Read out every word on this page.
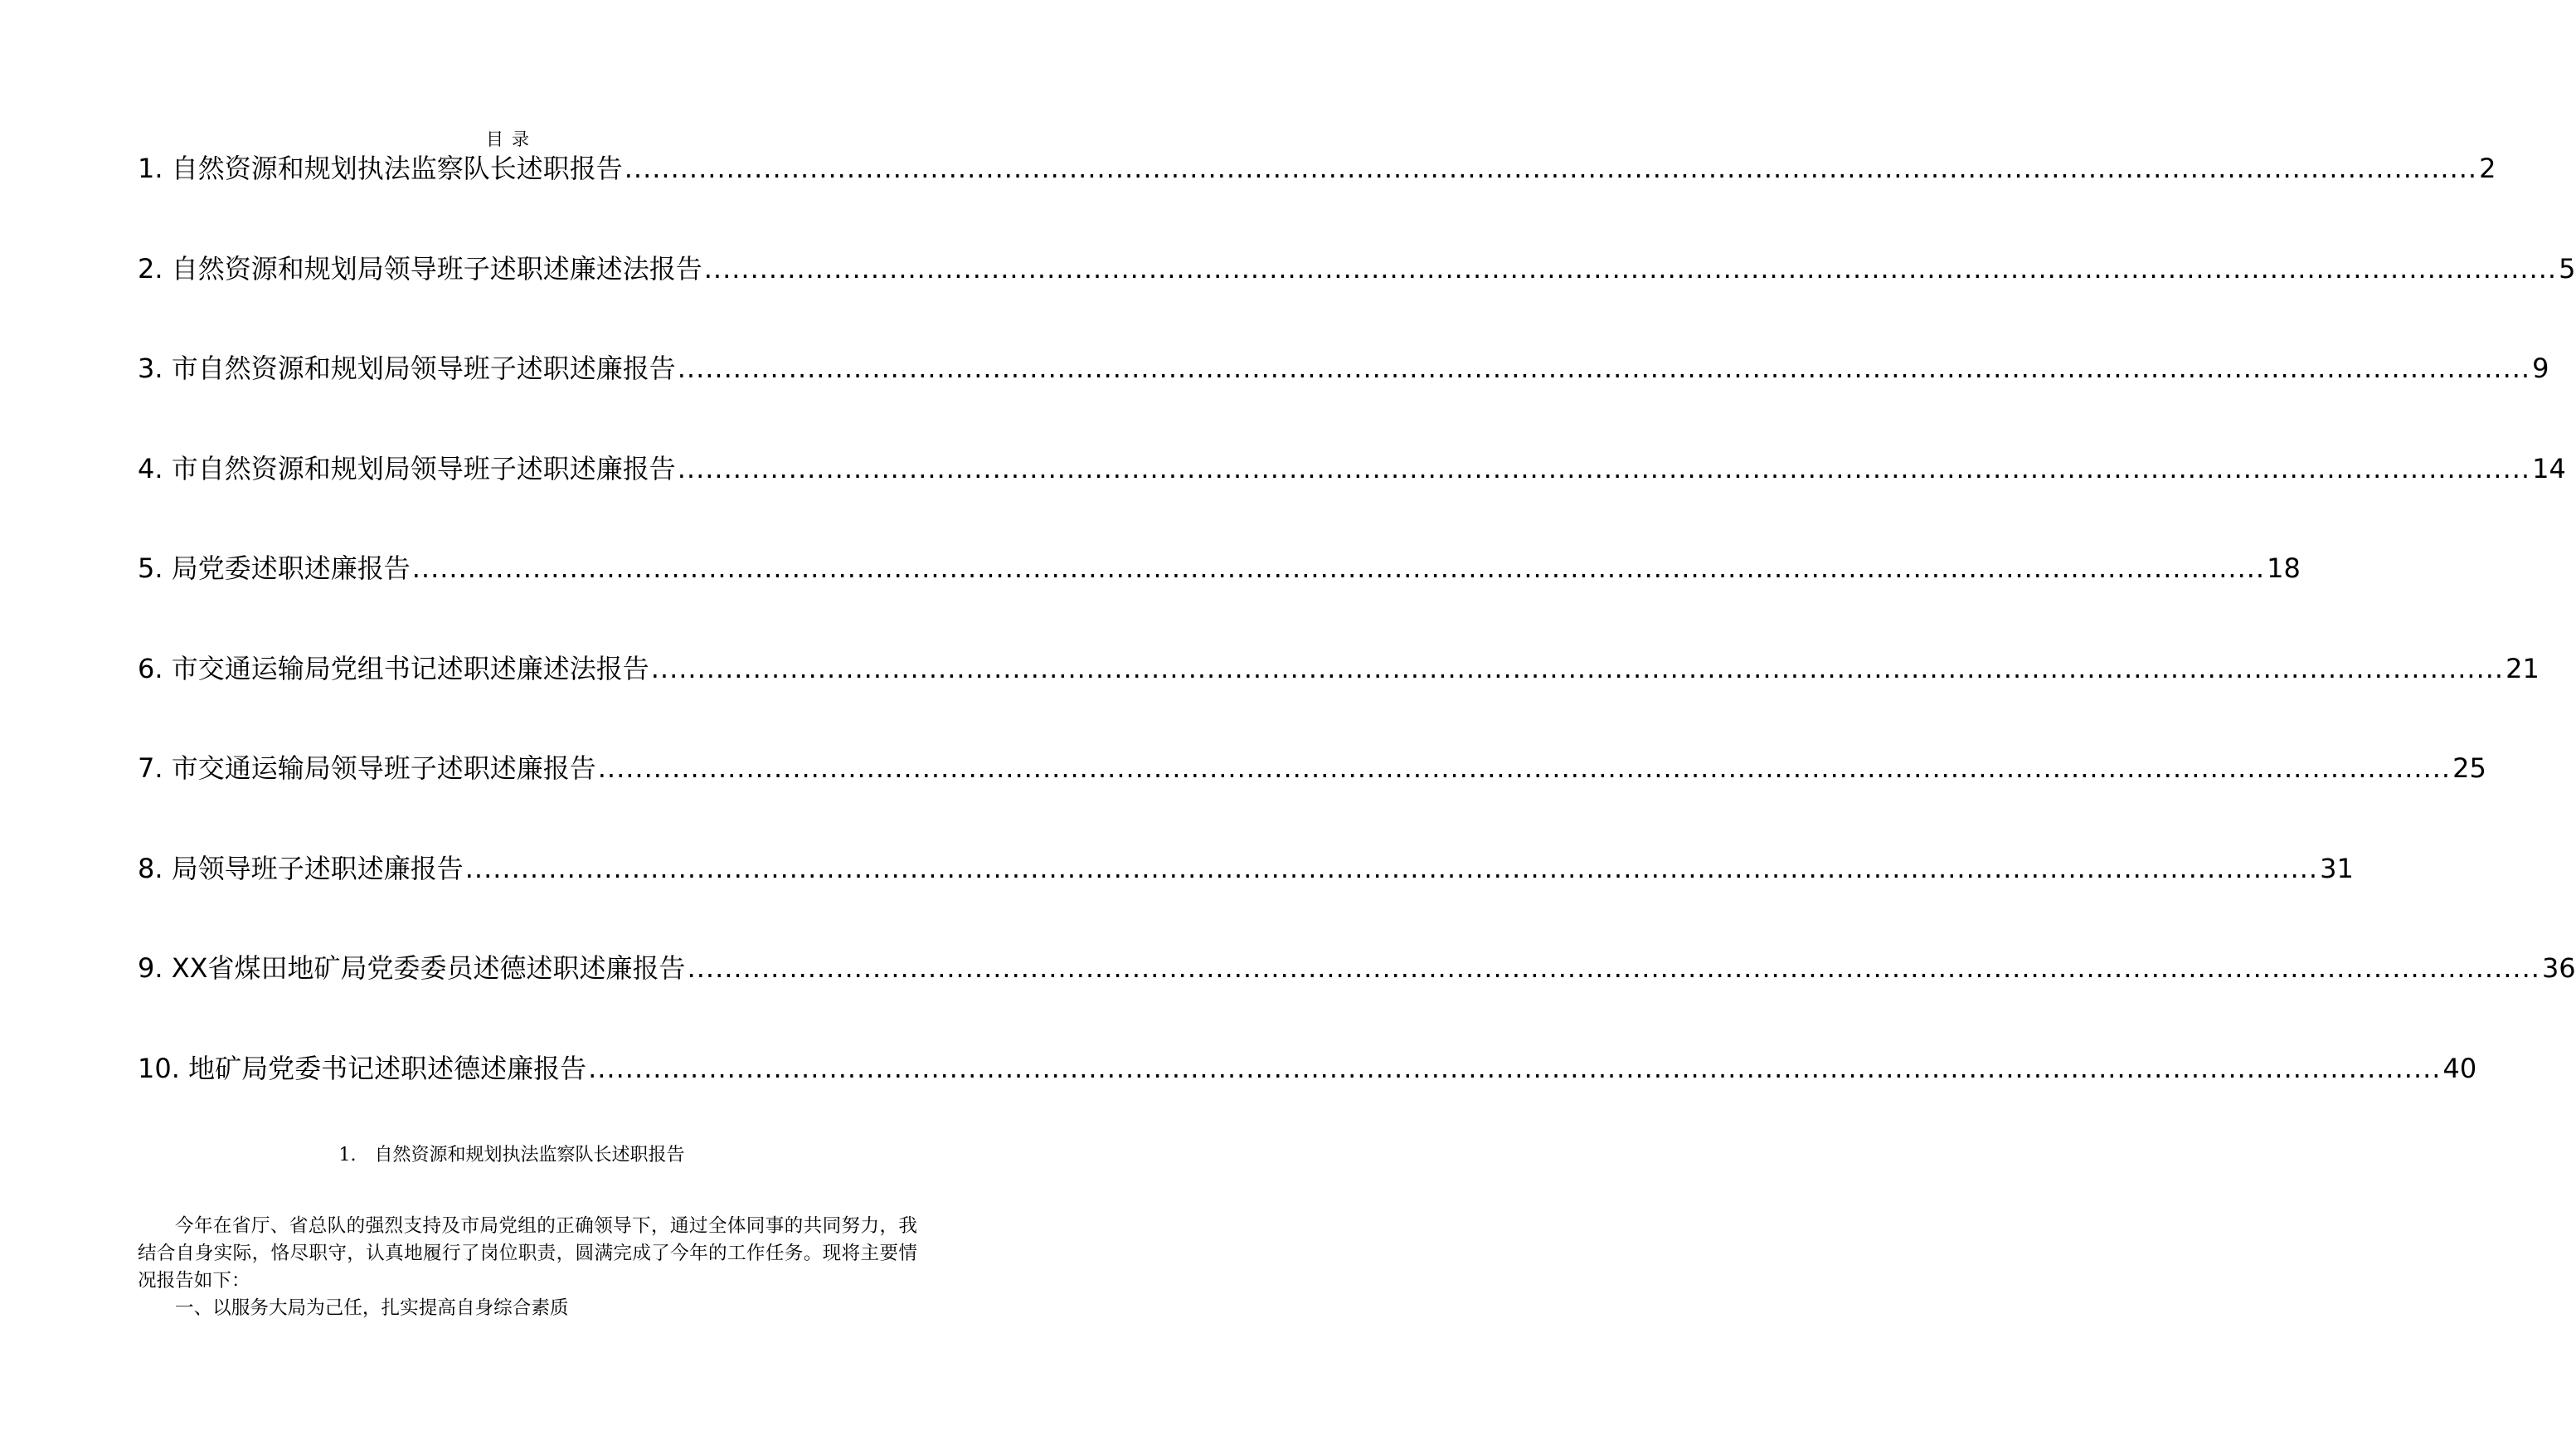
目录
1. 自然资源和规划执法监察队长述职报告 ........................................................................................................................................................................................................ 2
2. 自然资源和规划局领导班子述职述廉述法报告 ........................................................................................................................................................................................................ 5
3. 市自然资源和规划局领导班子述职述廉报告 ........................................................................................................................................................................................................ 9
4. 市自然资源和规划局领导班子述职述廉报告 ........................................................................................................................................................................................................ 14
5. 局党委述职述廉报告 ........................................................................................................................................................................................................ 18
6. 市交通运输局党组书记述职述廉述法报告 ........................................................................................................................................................................................................ 21
7. 市交通运输局领导班子述职述廉报告 ........................................................................................................................................................................................................ 25
8. 局领导班子述职述廉报告 ........................................................................................................................................................................................................ 31
9. XX省煤田地矿局党委委员述德述职述廉报告 ........................................................................................................................................................................................................ 36
10. 地矿局党委书记述职述德述廉报告 ........................................................................................................................................................................................................ 40
1. 自然资源和规划执法监察队长述职报告

今年在省厅、省总队的强烈支持及市局党组的正确领导下，通过全体同事的共同努力，我结合自身实际，恪尽职守，认真地履行了岗位职责，圆满完成了今年的工作任务。现将主要情况报告如下：

一、以服务大局为己任，扎实提高自身综合素质
